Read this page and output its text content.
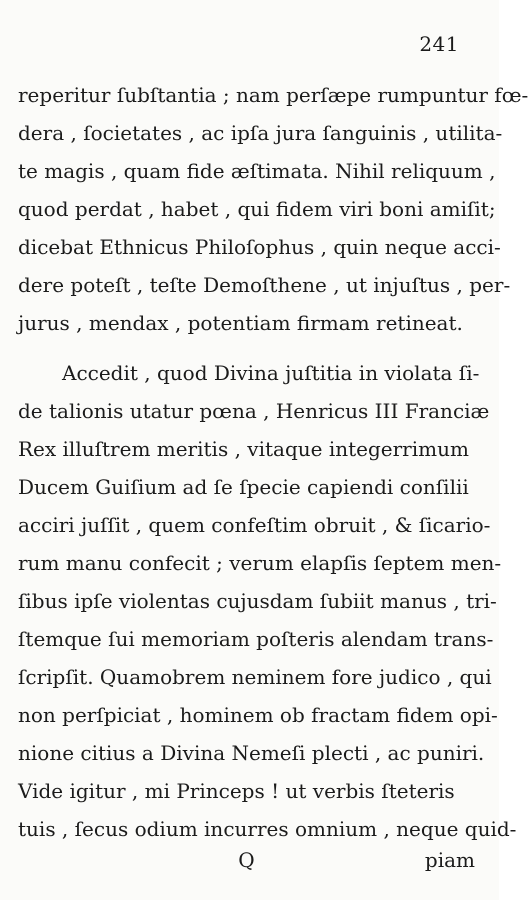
241
reperitur ſubſtantia ; nam perſæpe rumpuntur fœ-
dera , ſocietates , ac ipſa jura ſanguinis , utilita-
te magis , quam fide æſtimata. Nihil reliquum ,
quod perdat , habet , qui fidem viri boni amiſit;
dicebat Ethnicus Philoſophus , quin neque acci-
dere poteſt , teſte Demoſthene , ut injuſtus , per-
jurus , mendax , potentiam firmam retineat.
Accedit , quod Divina juſtitia in violata ſi-
de talionis utatur pœna , Henricus III Franciæ
Rex illuſtrem meritis , vitaque integerrimum
Ducem Guiſium ad ſe ſpecie capiendi conſilii
acciri juſſit , quem confeſtim obruit , & ſicario-
rum manu confecit ; verum elapſis ſeptem men-
ſibus ipſe violentas cujusdam ſubiit manus , tri-
ſtemque ſui memoriam poſteris alendam trans-
ſcripſit. Quamobrem neminem fore judico , qui
non perſpiciat , hominem ob fractam fidem opi-
nione citius a Divina Nemeſi plecti , ac puniri.
Vide igitur , mi Princeps ! ut verbis ſteteris
tuis , ſecus odium incurres omnium , neque quid-
Q	piam
